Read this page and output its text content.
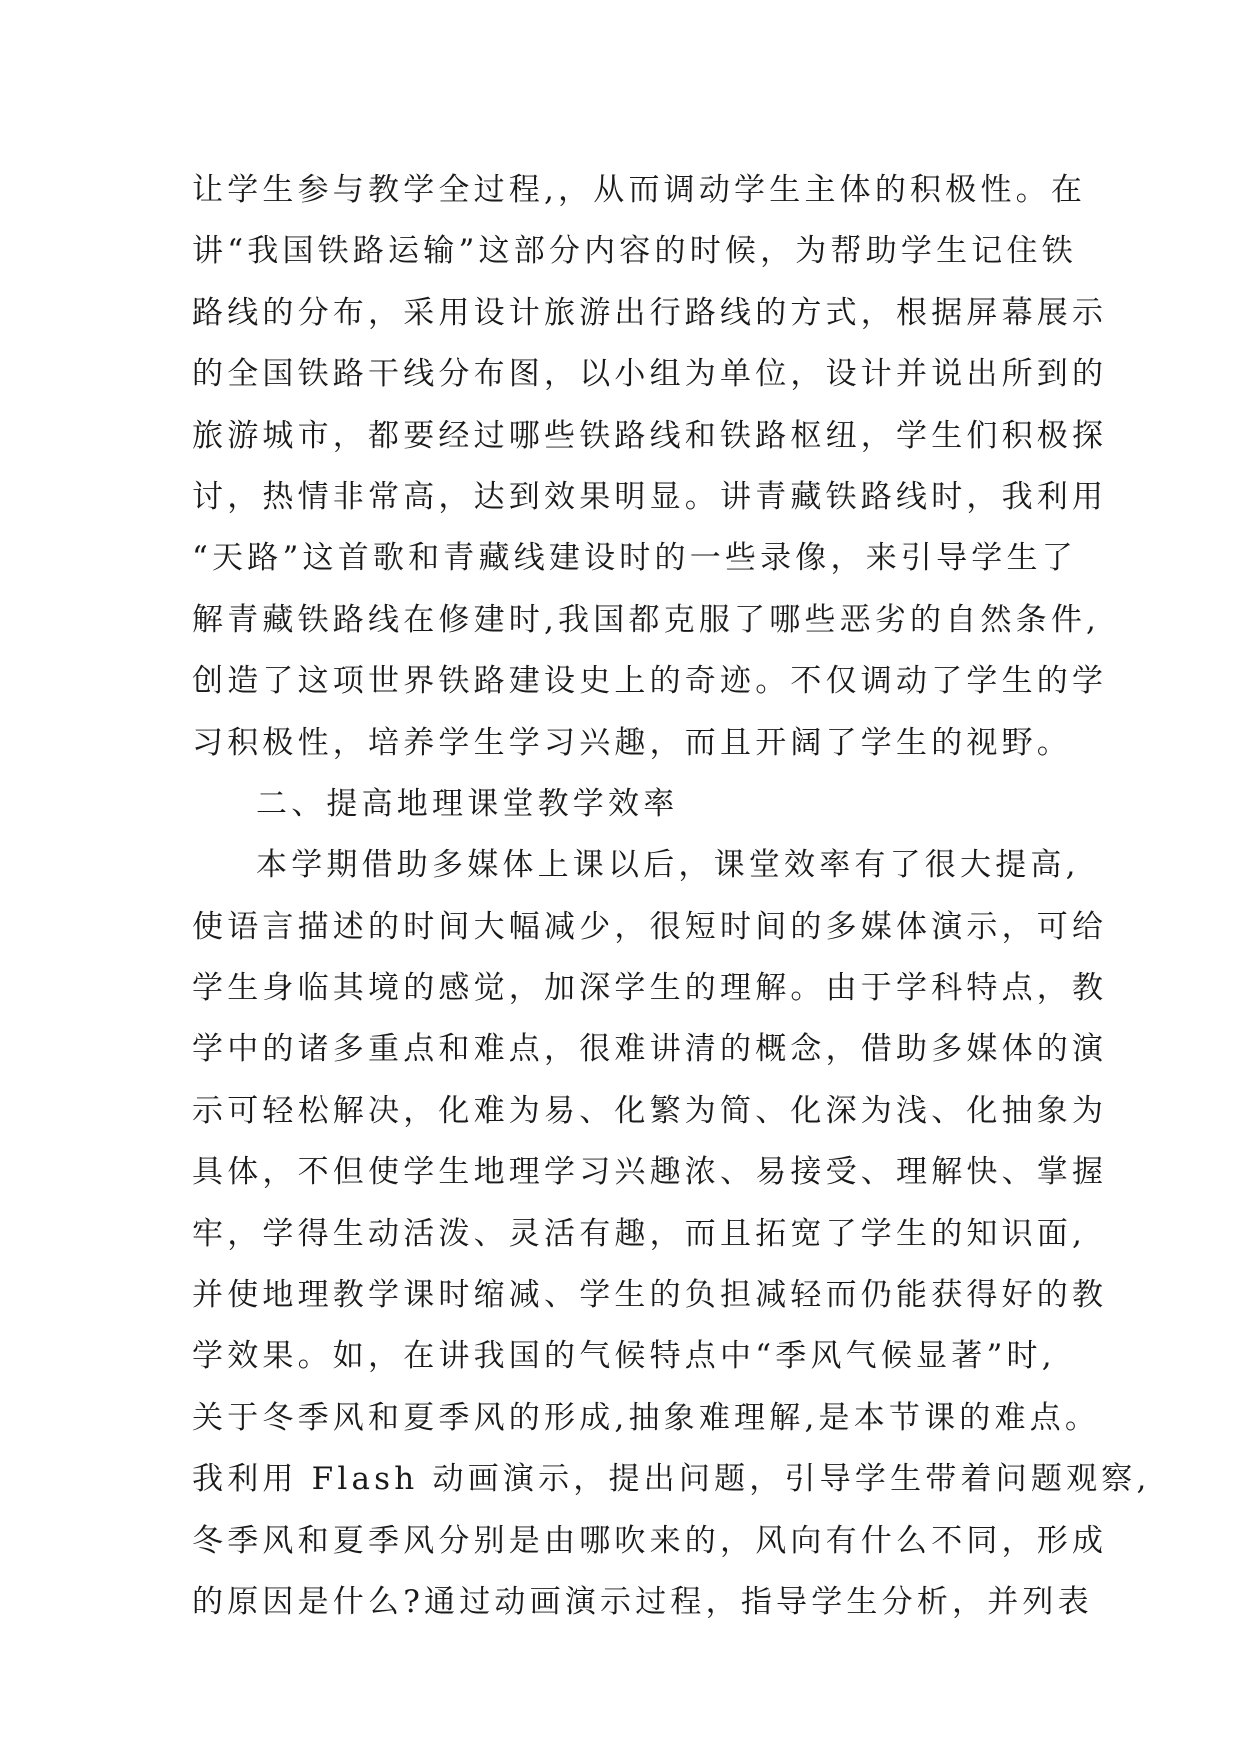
让学生参与教学全过程,，从而调动学生主体的积极性。在
讲“我国铁路运输”这部分内容的时候，为帮助学生记住铁
路线的分布，采用设计旅游出行路线的方式，根据屏幕展示
的全国铁路干线分布图，以小组为单位，设计并说出所到的
旅游城市，都要经过哪些铁路线和铁路枢纽，学生们积极探
讨，热情非常高，达到效果明显。讲青藏铁路线时，我利用
“天路”这首歌和青藏线建设时的一些录像，来引导学生了
解青藏铁路线在修建时,我国都克服了哪些恶劣的自然条件,
创造了这项世界铁路建设史上的奇迹。不仅调动了学生的学
习积极性，培养学生学习兴趣，而且开阔了学生的视野。
二、提高地理课堂教学效率
本学期借助多媒体上课以后，课堂效率有了很大提高,
使语言描述的时间大幅减少，很短时间的多媒体演示，可给
学生身临其境的感觉，加深学生的理解。由于学科特点，教
学中的诸多重点和难点，很难讲清的概念，借助多媒体的演
示可轻松解决，化难为易、化繁为简、化深为浅、化抽象为
具体，不但使学生地理学习兴趣浓、易接受、理解快、掌握
牢，学得生动活泼、灵活有趣，而且拓宽了学生的知识面,
并使地理教学课时缩减、学生的负担减轻而仍能获得好的教
学效果。如，在讲我国的气候特点中“季风气候显著”时,
关于冬季风和夏季风的形成,抽象难理解,是本节课的难点。
我利用 Flash 动画演示，提出问题，引导学生带着问题观察,
冬季风和夏季风分别是由哪吹来的，风向有什么不同，形成
的原因是什么?通过动画演示过程，指导学生分析，并列表
